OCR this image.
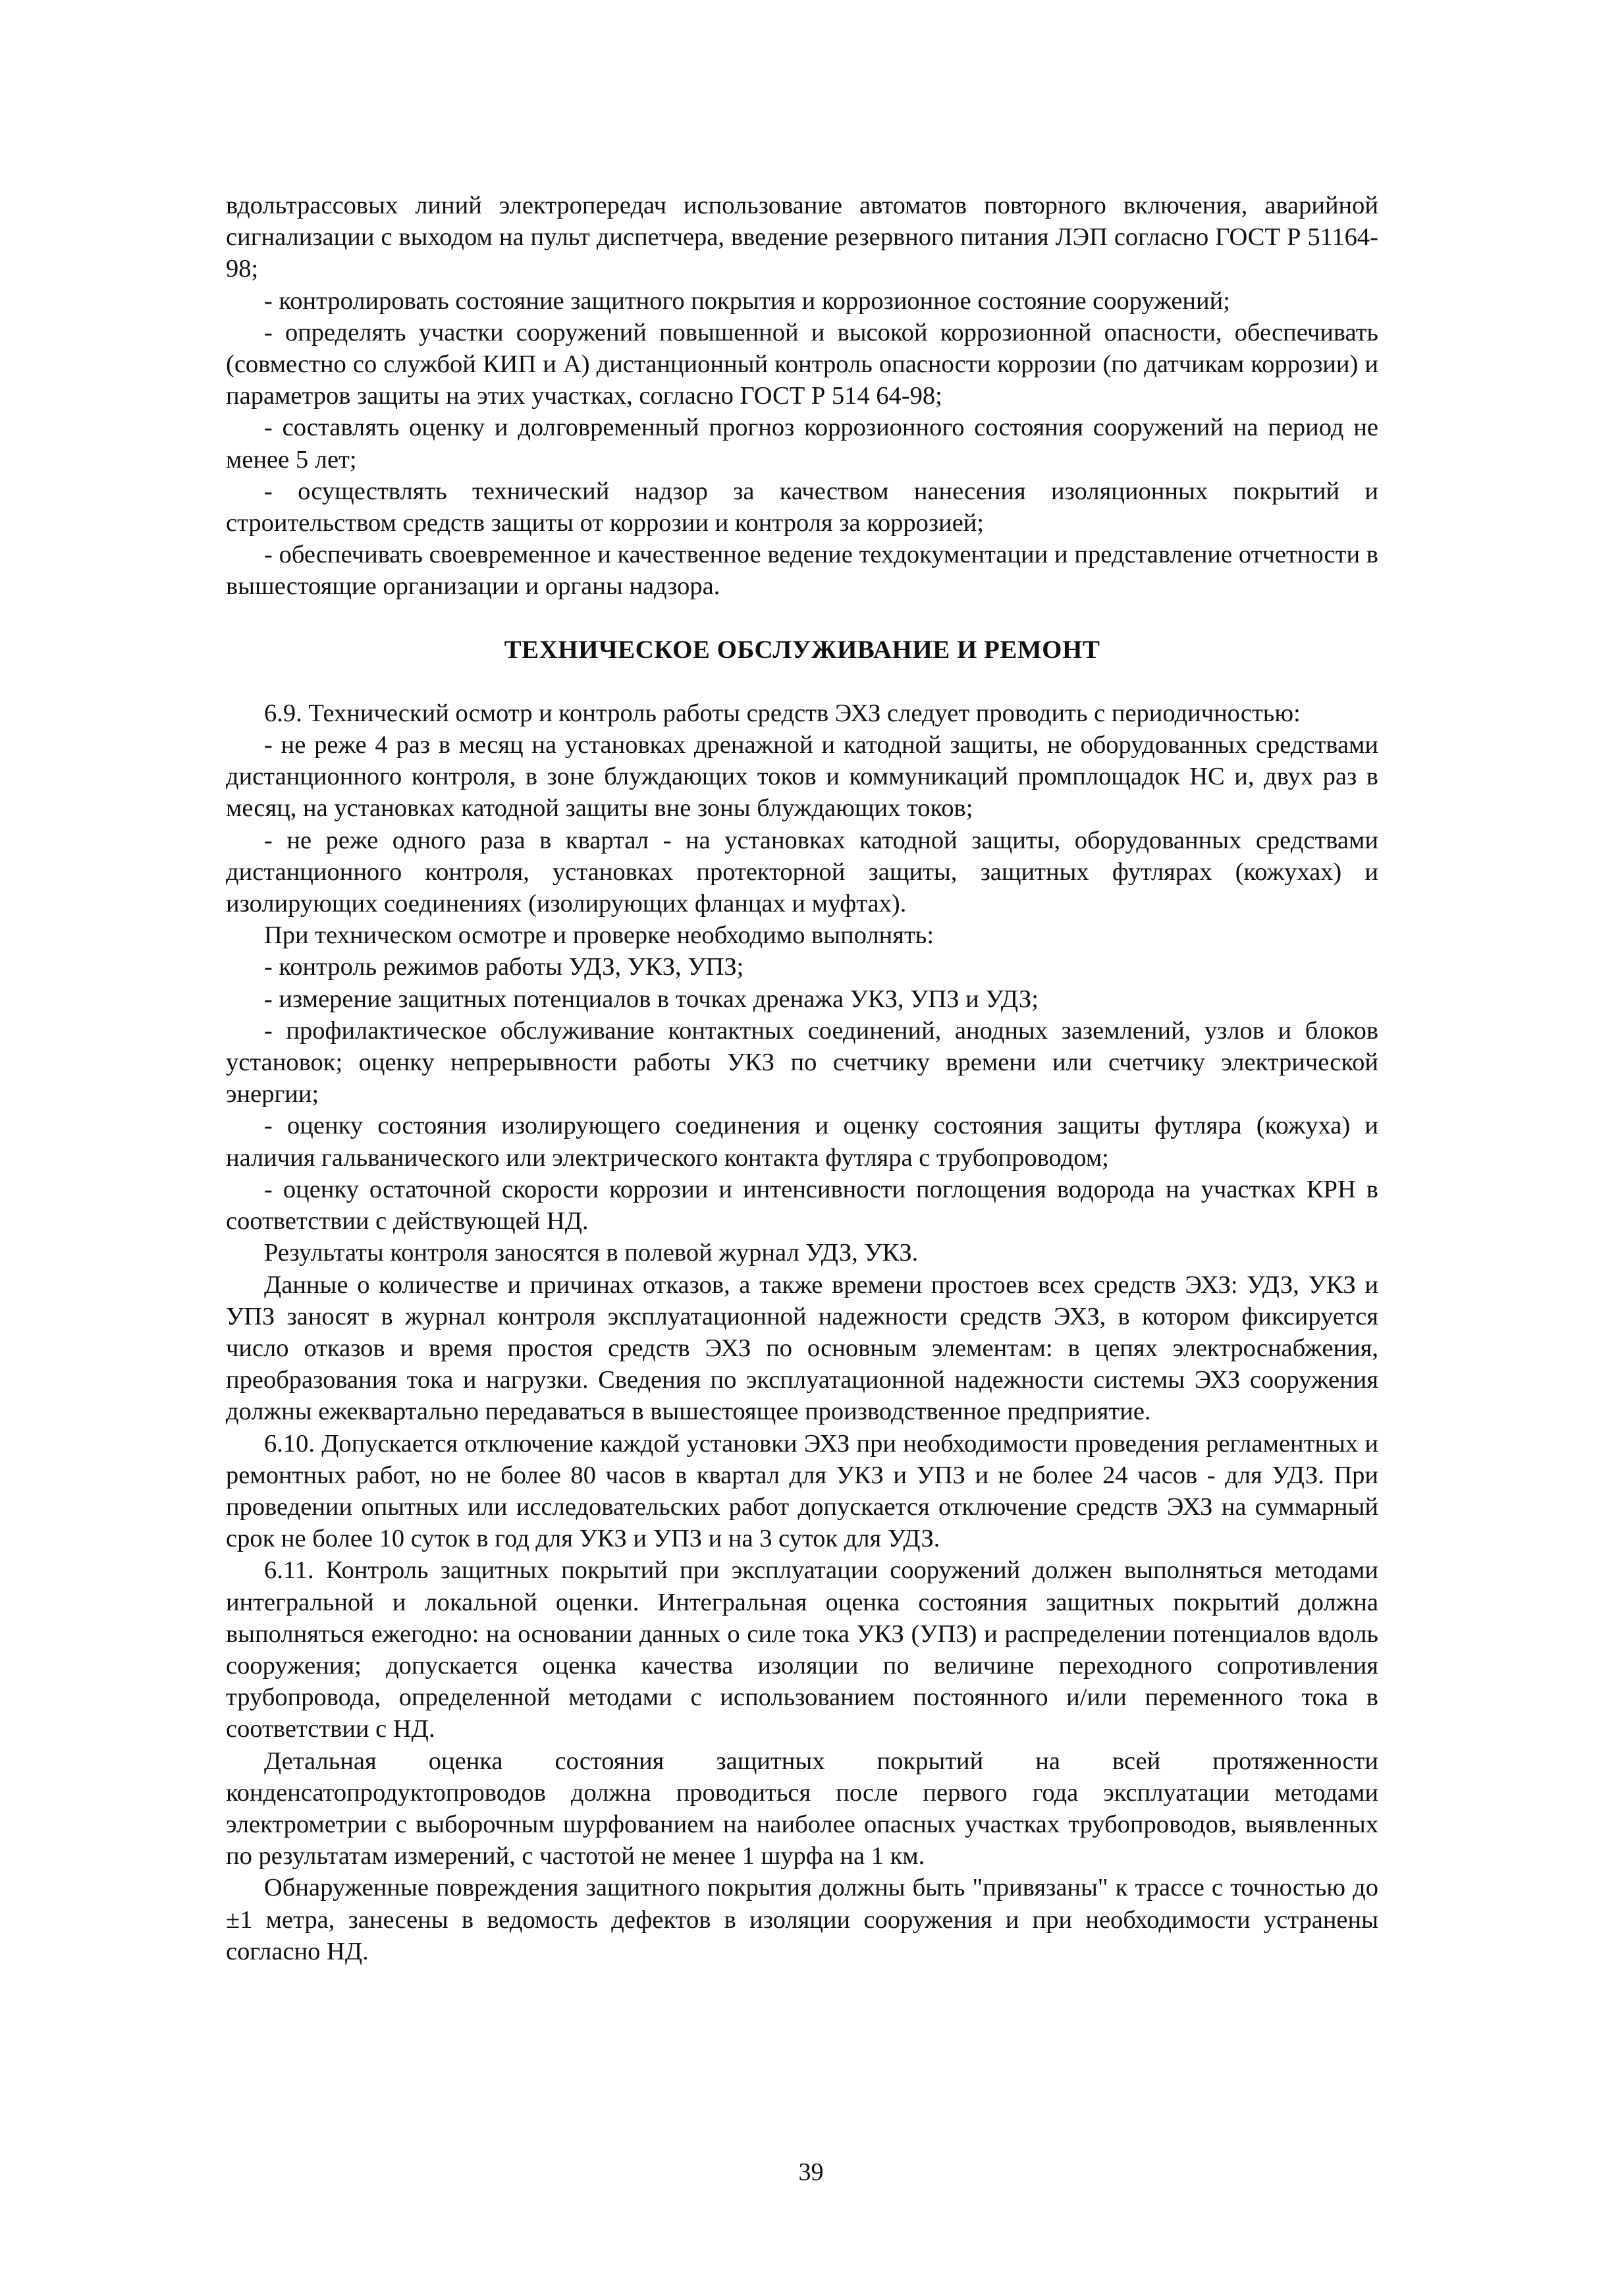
вдольтрассовых линий электропередач использование автоматов повторного включения, аварийной сигнализации с выходом на пульт диспетчера, введение резервного питания ЛЭП согласно ГОСТ Р 51164-98;

- контролировать состояние защитного покрытия и коррозионное состояние сооружений;

- определять участки сооружений повышенной и высокой коррозионной опасности, обеспечивать (совместно со службой КИП и А) дистанционный контроль опасности коррозии (по датчикам коррозии) и параметров защиты на этих участках, согласно ГОСТ Р 514 64-98;

- составлять оценку и долговременный прогноз коррозионного состояния сооружений на период не менее 5 лет;

- осуществлять технический надзор за качеством нанесения изоляционных покрытий и строительством средств защиты от коррозии и контроля за коррозией;

- обеспечивать своевременное и качественное ведение техдокументации и представление отчетности в вышестоящие организации и органы надзора.

ТЕХНИЧЕСКОЕ ОБСЛУЖИВАНИЕ И РЕМОНТ

6.9. Технический осмотр и контроль работы средств ЭХЗ следует проводить с периодичностью:

- не реже 4 раз в месяц на установках дренажной и катодной защиты, не оборудованных средствами дистанционного контроля, в зоне блуждающих токов и коммуникаций промплощадок НС и, двух раз в месяц, на установках катодной защиты вне зоны блуждающих токов;

- не реже одного раза в квартал - на установках катодной защиты, оборудованных средствами дистанционного контроля, установках протекторной защиты, защитных футлярах (кожухах) и изолирующих соединениях (изолирующих фланцах и муфтах).

При техническом осмотре и проверке необходимо выполнять:

- контроль режимов работы УДЗ, УКЗ, УПЗ;

- измерение защитных потенциалов в точках дренажа УКЗ, УПЗ и УДЗ;

- профилактическое обслуживание контактных соединений, анодных заземлений, узлов и блоков установок; оценку непрерывности работы УКЗ по счетчику времени или счетчику электрической энергии;

- оценку состояния изолирующего соединения и оценку состояния защиты футляра (кожуха) и наличия гальванического или электрического контакта футляра с трубопроводом;

- оценку остаточной скорости коррозии и интенсивности поглощения водорода на участках КРН в соответствии с действующей НД.

Результаты контроля заносятся в полевой журнал УДЗ, УКЗ.

Данные о количестве и причинах отказов, а также времени простоев всех средств ЭХЗ: УДЗ, УКЗ и УПЗ заносят в журнал контроля эксплуатационной надежности средств ЭХЗ, в котором фиксируется число отказов и время простоя средств ЭХЗ по основным элементам: в цепях электроснабжения, преобразования тока и нагрузки. Сведения по эксплуатационной надежности системы ЭХЗ сооружения должны ежеквартально передаваться в вышестоящее производственное предприятие.

6.10. Допускается отключение каждой установки ЭХЗ при необходимости проведения регламентных и ремонтных работ, но не более 80 часов в квартал для УКЗ и УПЗ и не более 24 часов - для УДЗ. При проведении опытных или исследовательских работ допускается отключение средств ЭХЗ на суммарный срок не более 10 суток в год для УКЗ и УПЗ и на 3 суток для УДЗ.

6.11. Контроль защитных покрытий при эксплуатации сооружений должен выполняться методами интегральной и локальной оценки. Интегральная оценка состояния защитных покрытий должна выполняться ежегодно: на основании данных о силе тока УКЗ (УПЗ) и распределении потенциалов вдоль сооружения; допускается оценка качества изоляции по величине переходного сопротивления трубопровода, определенной методами с использованием постоянного и/или переменного тока в соответствии с НД.

Детальная оценка состояния защитных покрытий на всей протяженности конденсатопродуктопроводов должна проводиться после первого года эксплуатации методами электрометрии с выборочным шурфованием на наиболее опасных участках трубопроводов, выявленных по результатам измерений, с частотой не менее 1 шурфа на 1 км.

Обнаруженные повреждения защитного покрытия должны быть "привязаны" к трассе с точностью до ±1 метра, занесены в ведомость дефектов в изоляции сооружения и при необходимости устранены согласно НД.

39
